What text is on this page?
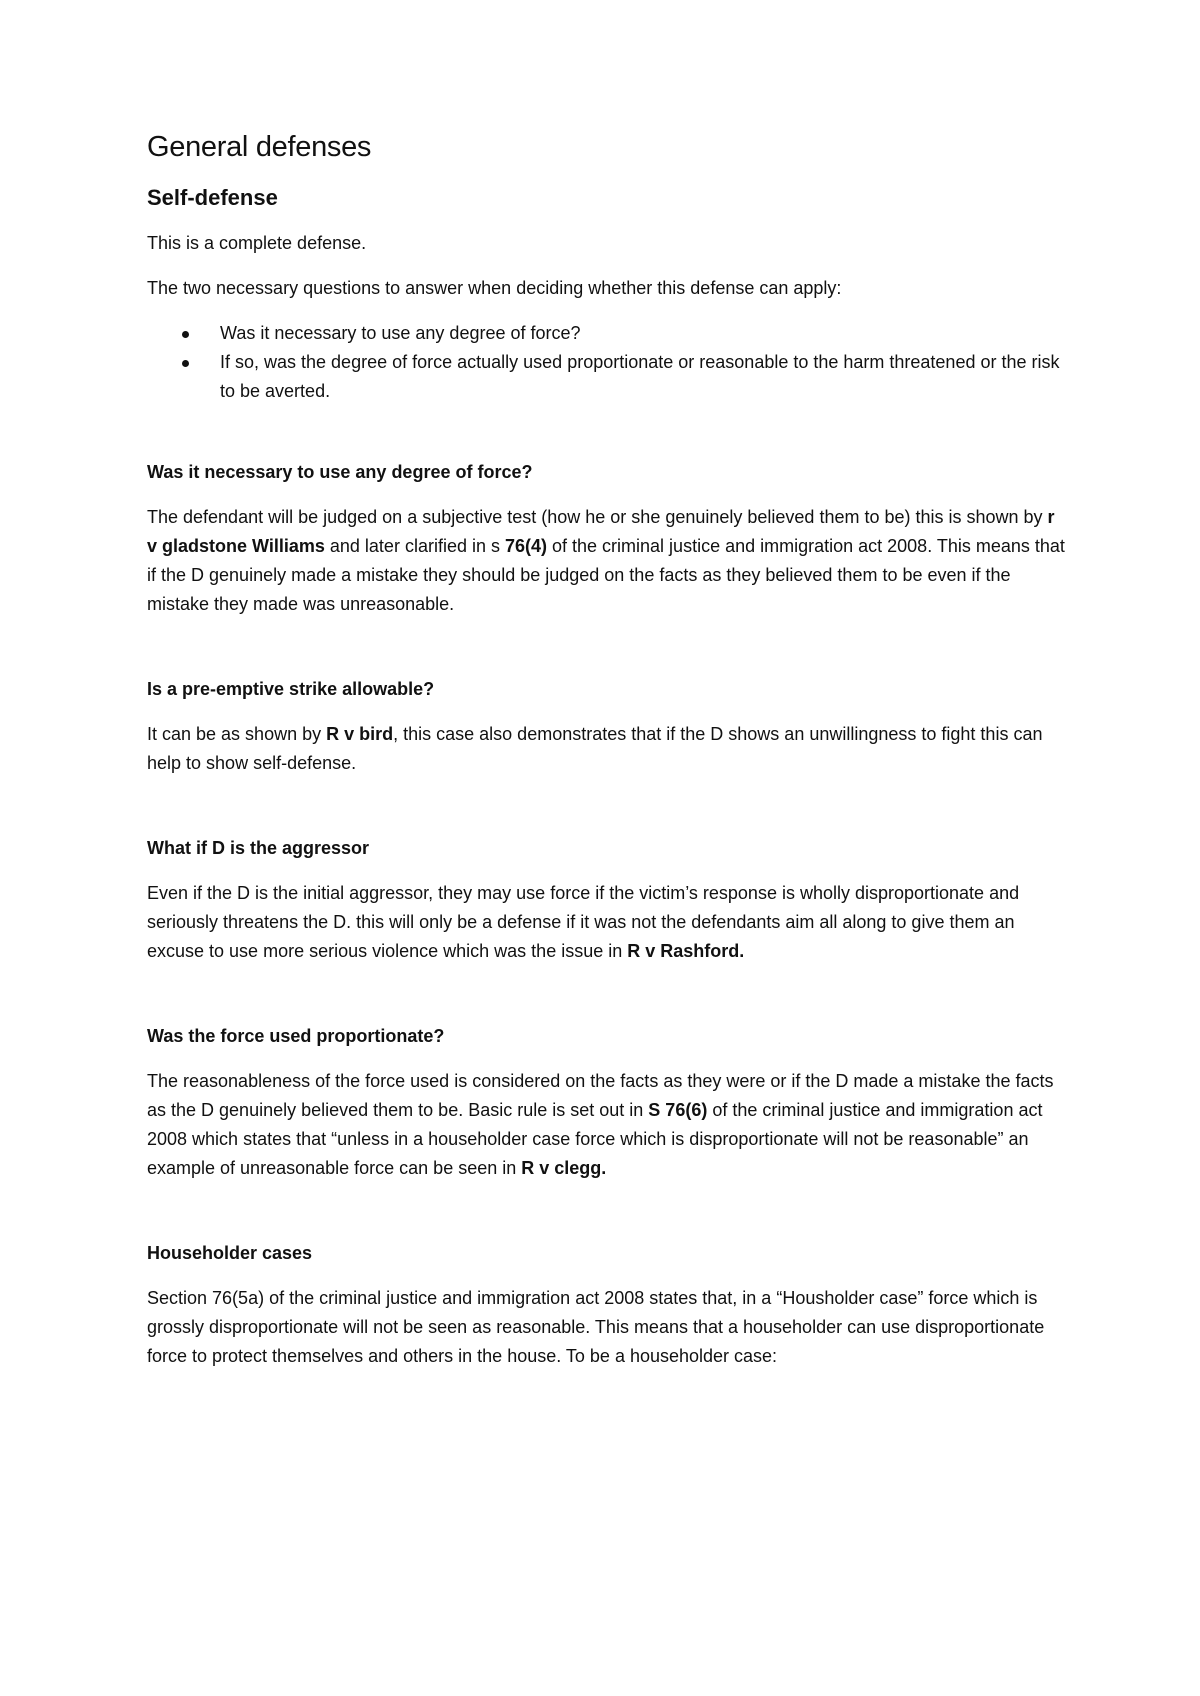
General defenses
Self-defense

This is a complete defense.

The two necessary questions to answer when deciding whether this defense can apply:

Was it necessary to use any degree of force?
If so, was the degree of force actually used proportionate or reasonable to the harm threatened or the risk to be averted.
Was it necessary to use any degree of force?

The defendant will be judged on a subjective test (how he or she genuinely believed them to be) this is shown by r v gladstone Williams and later clarified in s 76(4) of the criminal justice and immigration act 2008. This means that if the D genuinely made a mistake they should be judged on the facts as they believed them to be even if the mistake they made was unreasonable.

Is a pre-emptive strike allowable?

It can be as shown by R v bird, this case also demonstrates that if the D shows an unwillingness to fight this can help to show self-defense.

What if D is the aggressor

Even if the D is the initial aggressor, they may use force if the victim’s response is wholly disproportionate and seriously threatens the D. this will only be a defense if it was not the defendants aim all along to give them an excuse to use more serious violence which was the issue in R v Rashford.

Was the force used proportionate?

The reasonableness of the force used is considered on the facts as they were or if the D made a mistake the facts as the D genuinely believed them to be. Basic rule is set out in S 76(6) of the criminal justice and immigration act 2008 which states that “unless in a householder case force which is disproportionate will not be reasonable” an example of unreasonable force can be seen in R v clegg.

Householder cases

Section 76(5a) of the criminal justice and immigration act 2008 states that, in a “Housholder case” force which is grossly disproportionate will not be seen as reasonable. This means that a householder can use disproportionate force to protect themselves and others in the house. To be a householder case:
